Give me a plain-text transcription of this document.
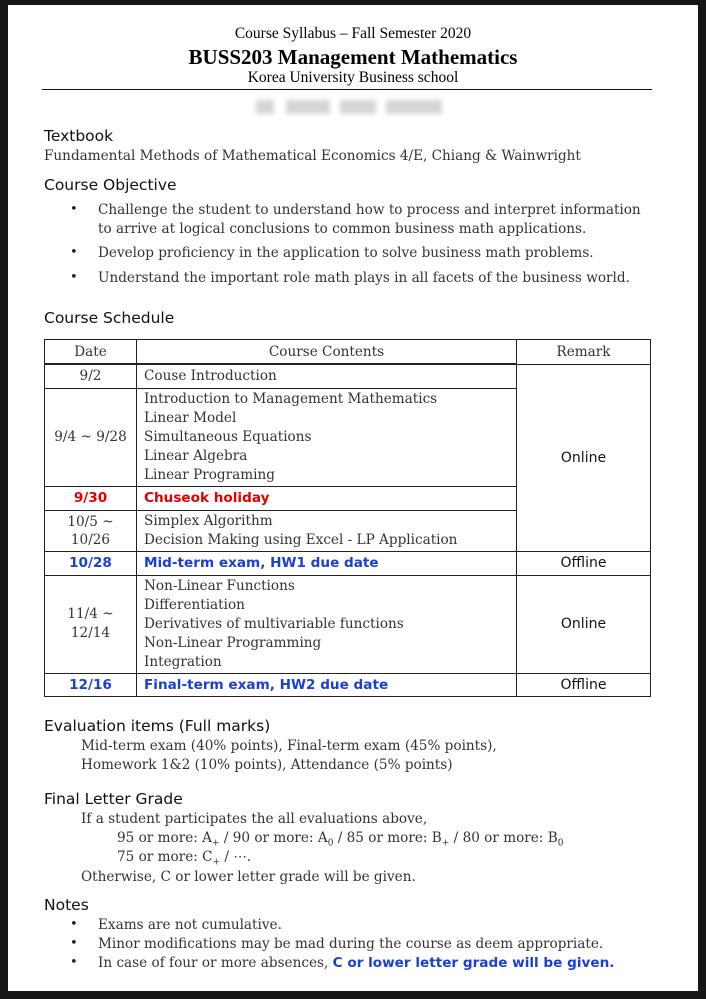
Course Syllabus – Fall Semester 2020
BUSS203 Management Mathematics
Korea University Business school
Textbook
Fundamental Methods of Mathematical Economics 4/E, Chiang & Wainwright
Course Objective
• Challenge the student to understand how to process and interpret information
to arrive at logical conclusions to common business math applications.
• Develop proficiency in the application to solve business math problems.
• Understand the important role math plays in all facets of the business world.
Course Schedule
Date	Course Contents	Remark
9/2	Couse Introduction	Online
9/4 ~ 9/28	Introduction to Management Mathematics
Linear Model
Simultaneous Equations
Linear Algebra
Linear Programing	

9/30	Chuseok holiday	

10/5 ~
10/26	Simplex Algorithm
Decision Making using Excel - LP Application	

10/28	Mid-term exam, HW1 due date	Offline

11/4 ~
12/14	Non-Linear Functions
Differentiation
Derivatives of multivariable functions
Non-Linear Programming
Integration	Online
12/16	Final-term exam, HW2 due date	Offline
Evaluation items (Full marks)
Mid-term exam (40% points), Final-term exam (45% points),
Homework 1&2 (10% points), Attendance (5% points)
Final Letter Grade
If a student participates the all evaluations above,
95 or more: $A_+ / 90$ or more: $A_0 / 85$ or more: $B_+ / 80$ or more: $B_0$
75 or more: $C_+$ / ⋯.
Otherwise, C or lower letter grade will be given.
Notes
• Exams are not cumulative.
• Minor modifications may be mad during the course as deem appropriate.
• In case of four or more absences, C or lower letter grade will be given.
